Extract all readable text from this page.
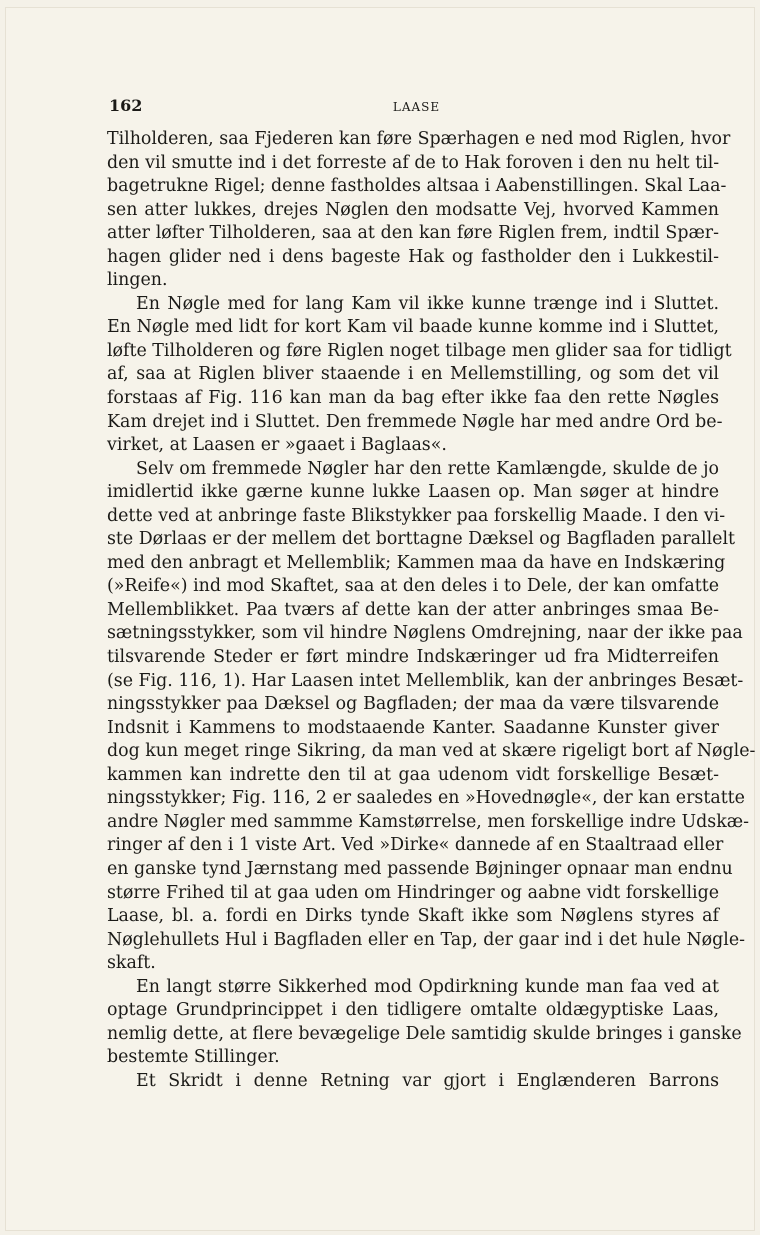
162	LAASE
Tilholderen, saa Fjederen kan føre Spærhagen e ned mod Riglen, hvor
den vil smutte ind i det forreste af de to Hak foroven i den nu helt til-
bagetrukne Rigel; denne fastholdes altsaa i Aabenstillingen. Skal Laa-
sen atter lukkes, drejes Nøglen den modsatte Vej, hvorved Kammen
atter løfter Tilholderen, saa at den kan føre Riglen frem, indtil Spær-
hagen glider ned i dens bageste Hak og fastholder den i Lukkestil-
lingen.
En Nøgle med for lang Kam vil ikke kunne trænge ind i Sluttet.
En Nøgle med lidt for kort Kam vil baade kunne komme ind i Sluttet,
løfte Tilholderen og føre Riglen noget tilbage men glider saa for tidligt
af, saa at Riglen bliver staaende i en Mellemstilling, og som det vil
forstaas af Fig. 116 kan man da bag efter ikke faa den rette Nøgles
Kam drejet ind i Sluttet. Den fremmede Nøgle har med andre Ord be-
virket, at Laasen er »gaaet i Baglaas«.
Selv om fremmede Nøgler har den rette Kamlængde, skulde de jo
imidlertid ikke gærne kunne lukke Laasen op. Man søger at hindre
dette ved at anbringe faste Blikstykker paa forskellig Maade. I den vi-
ste Dørlaas er der mellem det borttagne Dæksel og Bagfladen parallelt
med den anbragt et Mellemblik; Kammen maa da have en Indskæring
(»Reife«) ind mod Skaftet, saa at den deles i to Dele, der kan omfatte
Mellemblikket. Paa tværs af dette kan der atter anbringes smaa Be-
sætningsstykker, som vil hindre Nøglens Omdrejning, naar der ikke paa
tilsvarende Steder er ført mindre Indskæringer ud fra Midterreifen
(se Fig. 116, 1). Har Laasen intet Mellemblik, kan der anbringes Besæt-
ningsstykker paa Dæksel og Bagfladen; der maa da være tilsvarende
Indsnit i Kammens to modstaaende Kanter. Saadanne Kunster giver
dog kun meget ringe Sikring, da man ved at skære rigeligt bort af Nøgle-
kammen kan indrette den til at gaa udenom vidt forskellige Besæt-
ningsstykker; Fig. 116, 2 er saaledes en »Hovednøgle«, der kan erstatte
andre Nøgler med sammme Kamstørrelse, men forskellige indre Udskæ-
ringer af den i 1 viste Art. Ved »Dirke« dannede af en Staaltraad eller
en ganske tynd Jærnstang med passende Bøjninger opnaar man endnu
større Frihed til at gaa uden om Hindringer og aabne vidt forskellige
Laase, bl. a. fordi en Dirks tynde Skaft ikke som Nøglens styres af
Nøglehullets Hul i Bagfladen eller en Tap, der gaar ind i det hule Nøgle-
skaft.
En langt større Sikkerhed mod Opdirkning kunde man faa ved at
optage Grundprincippet i den tidligere omtalte oldægyptiske Laas,
nemlig dette, at flere bevægelige Dele samtidig skulde bringes i ganske
bestemte Stillinger.
Et Skridt i denne Retning var gjort i Englænderen Barrons
